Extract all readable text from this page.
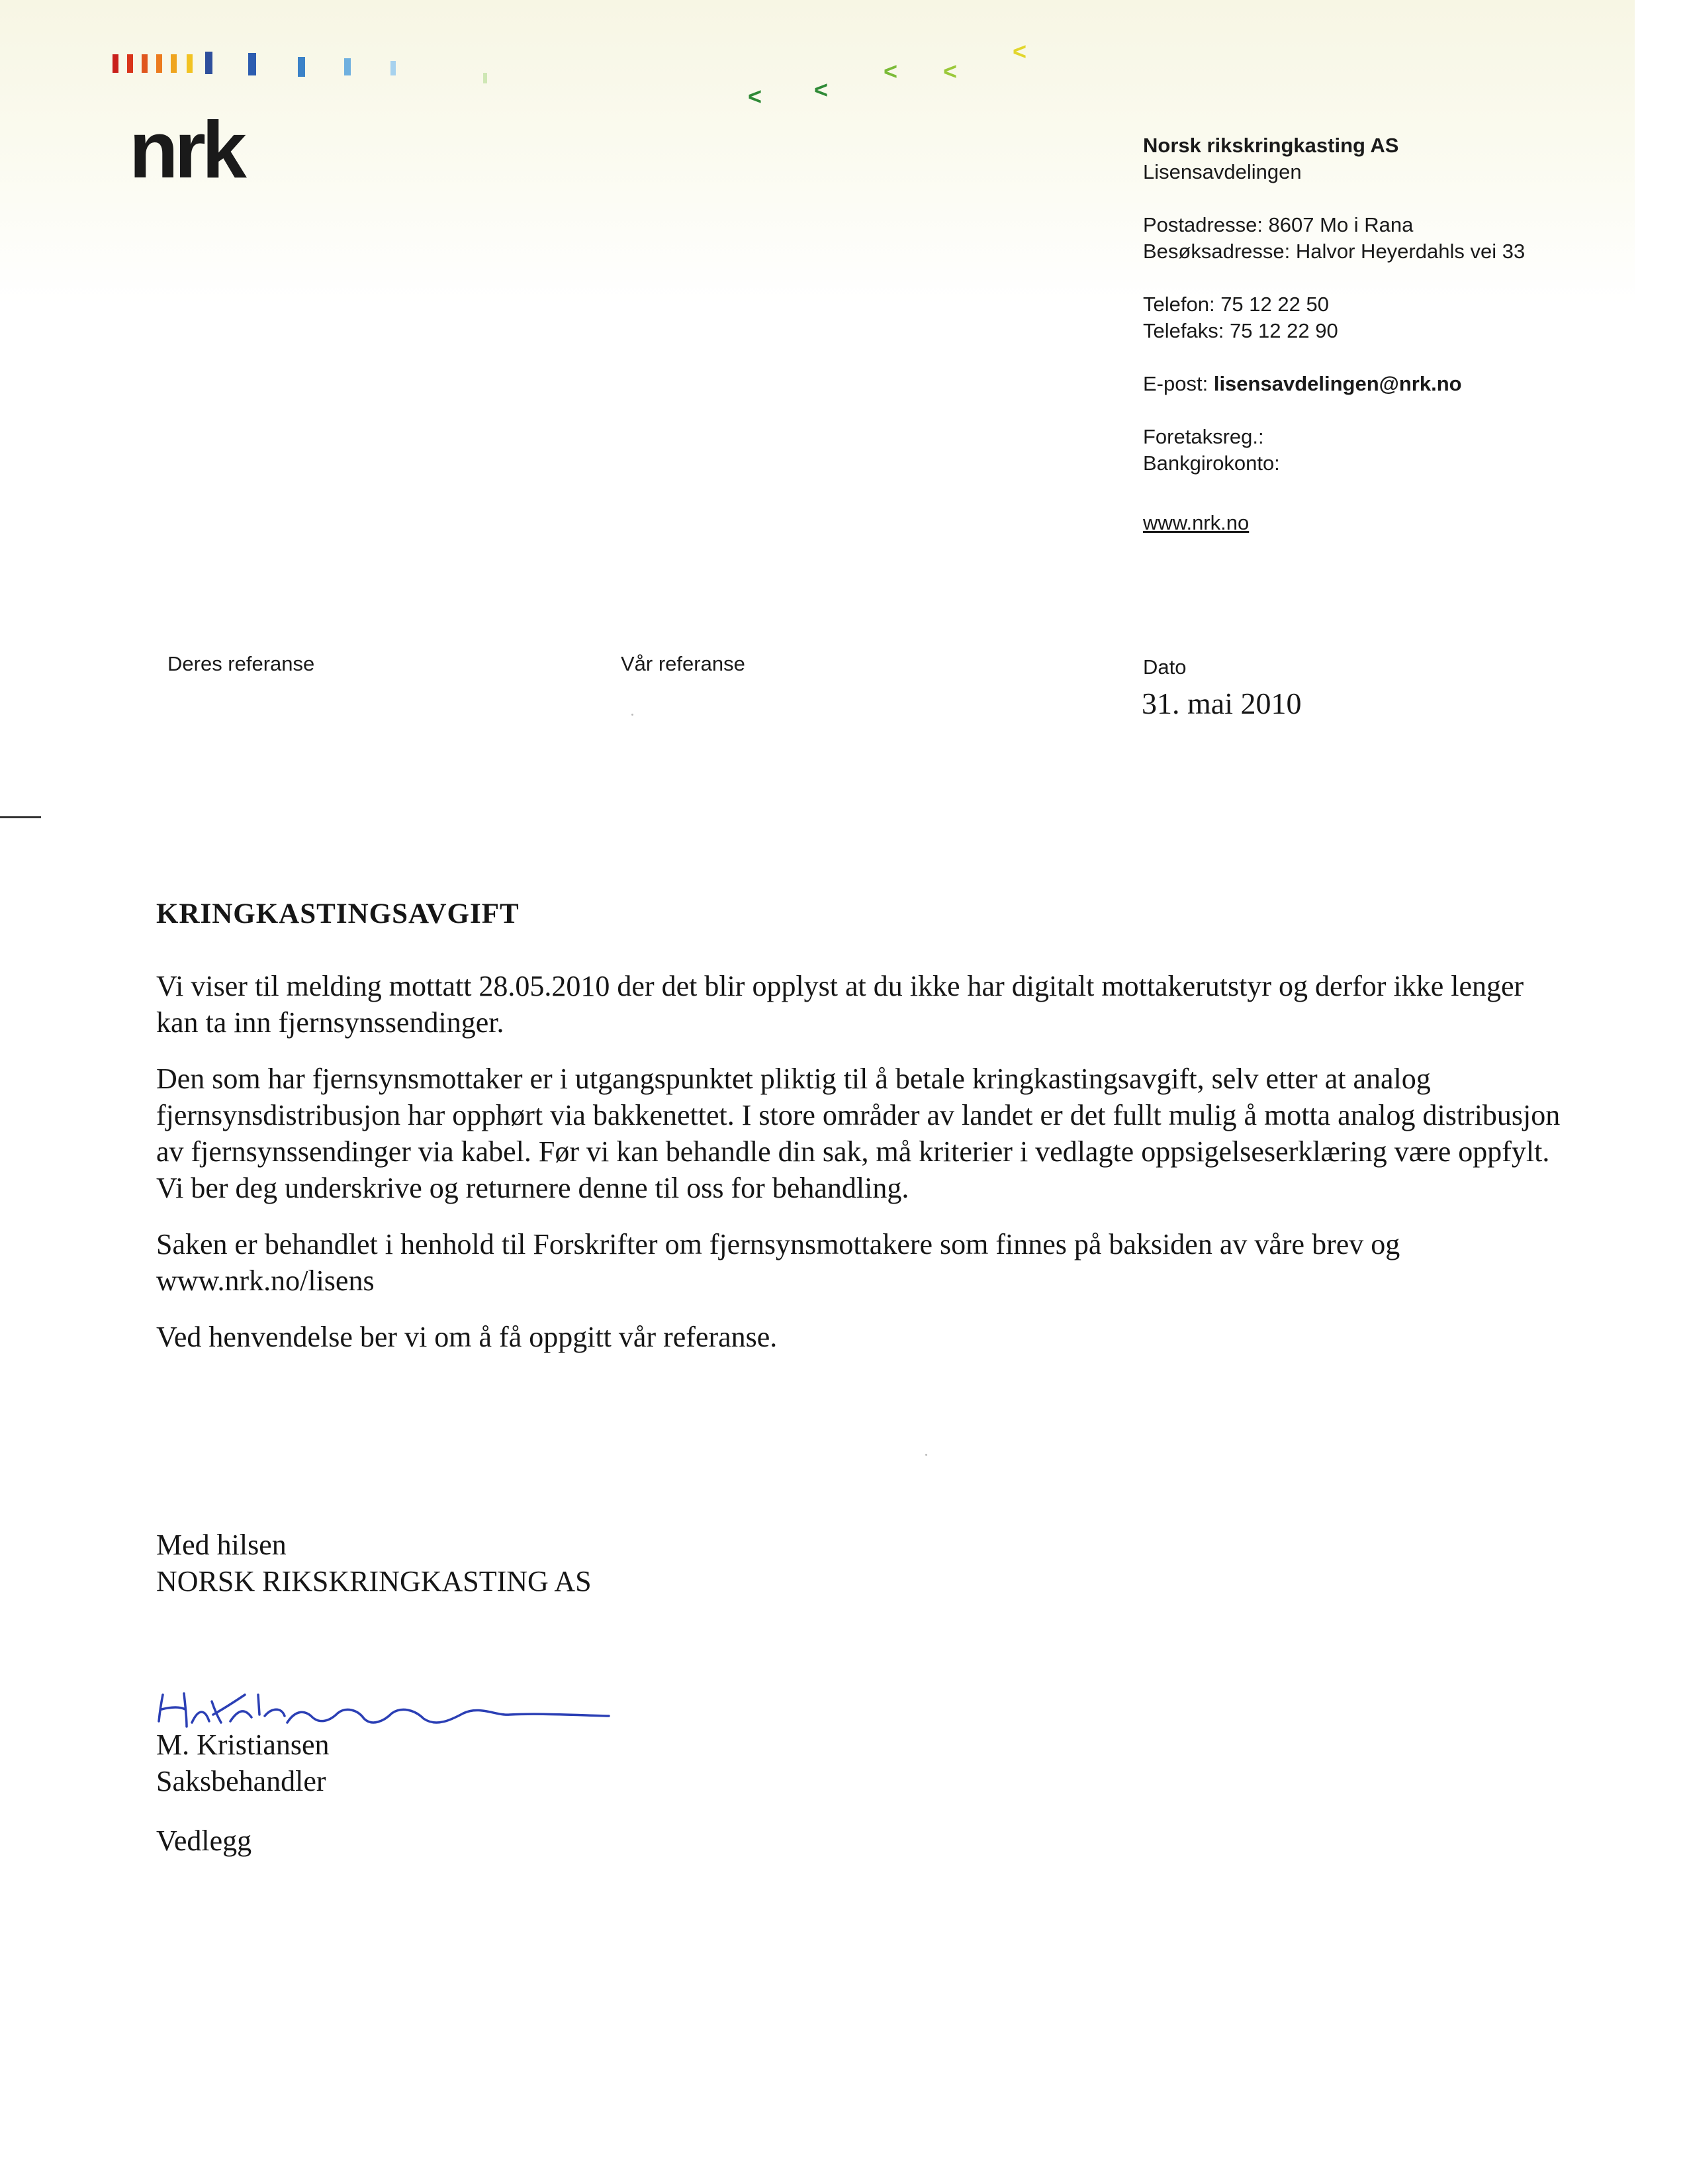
< <
< <
<
nrk	Norsk rikskringkasting AS
Lisensavdelingen
Postadresse: 8607 Mo i Rana
Besøksadresse: Halvor Heyerdahls vei 33
Telefon: 75 12 22 50
Telefaks: 75 12 22 90
E-post: lisensavdelingen@nrk.no
Foretaksreg.:
Bankgirokonto:
www.nrk.no
Deres referanse	Vår referanse	Dato
31. mai 2010
KRINGKASTINGSAVGIFT

Vi viser til melding mottatt 28.05.2010 der det blir opplyst at du ikke har digitalt mottakerutstyr og derfor ikke lenger kan ta inn fjernsynssendinger.

Den som har fjernsynsmottaker er i utgangspunktet pliktig til å betale kringkastingsavgift, selv etter at analog fjernsynsdistribusjon har opphørt via bakkenettet. I store områder av landet er det fullt mulig å motta analog distribusjon av fjernsynssendinger via kabel. Før vi kan behandle din sak, må kriterier i vedlagte oppsigelseserklæring være oppfylt. Vi ber deg underskrive og returnere denne til oss for behandling.

Saken er behandlet i henhold til Forskrifter om fjernsynsmottakere som finnes på baksiden av våre brev og www.nrk.no/lisens

Ved henvendelse ber vi om å få oppgitt vår referanse.

Med hilsen
NORSK RIKSKRINGKASTING AS
M. Kristiansen
Saksbehandler
Vedlegg
